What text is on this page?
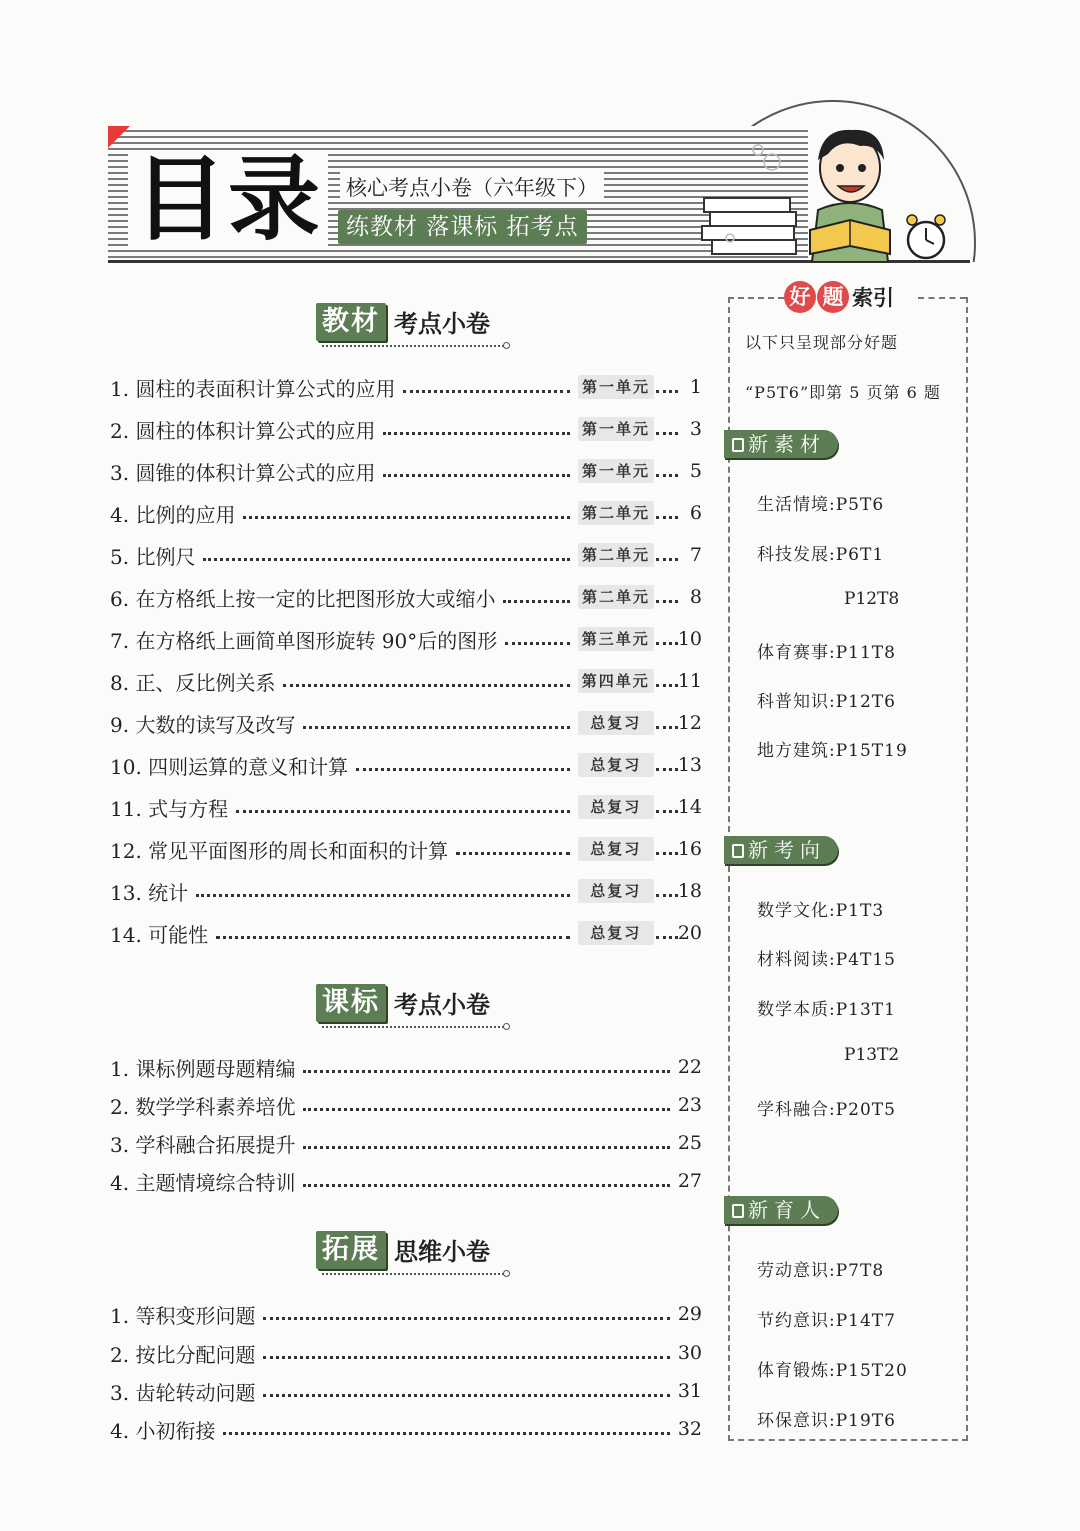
目录 核心考点小卷（六年级下）
练教材 落课标 拓考点
教材 考点小卷
1. 圆柱的表面积计算公式的应用	第一单元	1
2. 圆柱的体积计算公式的应用	第一单元	3
3. 圆锥的体积计算公式的应用	第一单元	5
4. 比例的应用	第二单元	6
5. 比例尺	第二单元	7
6. 在方格纸上按一定的比把图形放大或缩小	第二单元	8
7. 在方格纸上画简单图形旋转 90°后的图形	第三单元 10
8. 正、反比例关系	第四单元 11
9. 大数的读写及改写	总复习	12
10. 四则运算的意义和计算	总复习	13
11. 式与方程	总复习	14
12. 常见平面图形的周长和面积的计算	总复习	16
13. 统计	总复习	18
14. 可能性	总复习	20
课标 考点小卷
1. 课标例题母题精编	22
2. 数学学科素养培优	23
3. 学科融合拓展提升	25
4. 主题情境综合特训	27
拓展 思维小卷
1. 等积变形问题	29
2. 按比分配问题	30
3. 齿轮转动问题	31
4. 小初衔接	32
好 题 索引
以下只呈现部分好题
“P5T6”即第 5 页第 6 题
新素材
生活情境:P5T6
科技发展:P6T1
P12T8
体育赛事:P11T8
科普知识:P12T6
地方建筑:P15T19
新考向
数学文化:P1T3
材料阅读:P4T15
数学本质:P13T1
P13T2
学科融合:P20T5
新育人
劳动意识:P7T8
节约意识:P14T7
体育锻炼:P15T20
环保意识:P19T6
